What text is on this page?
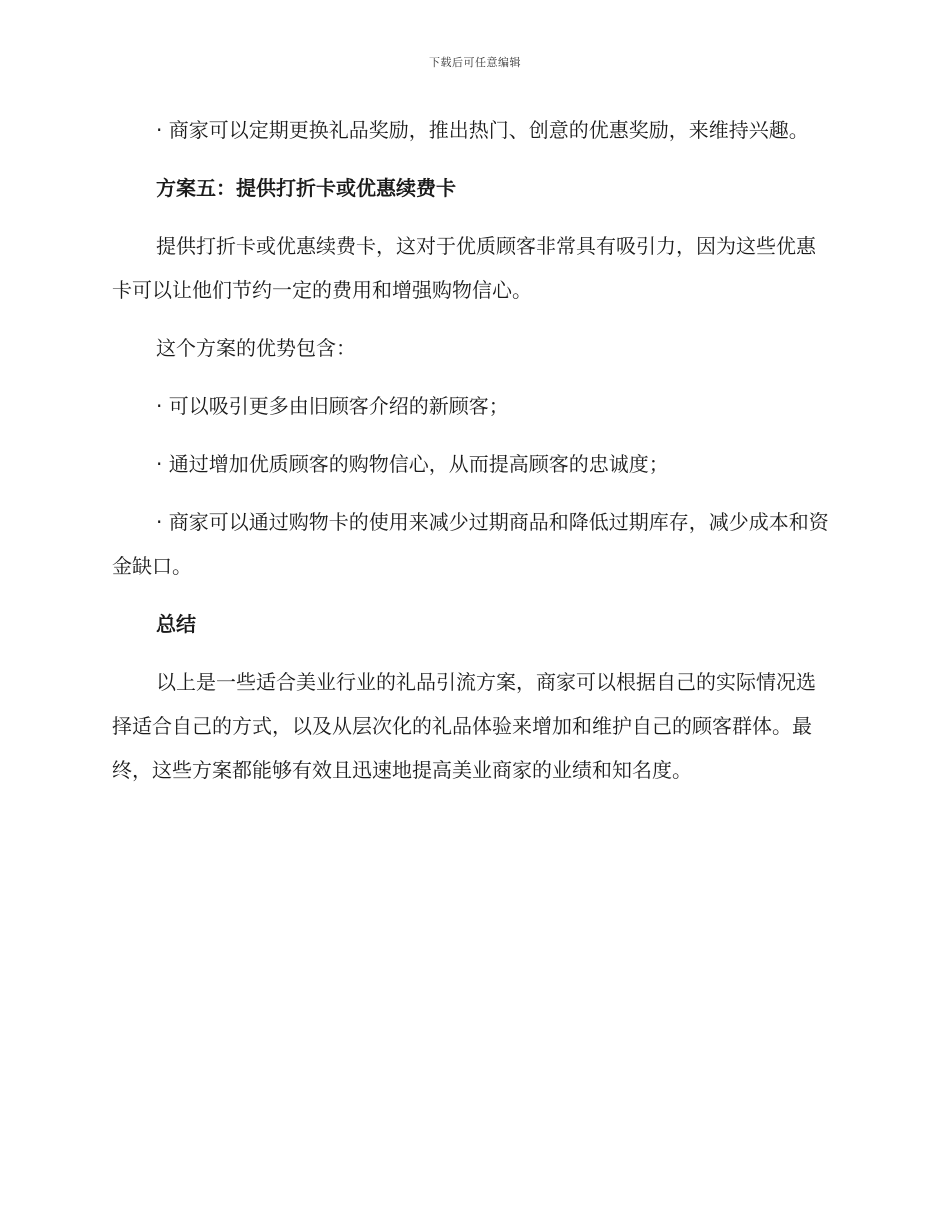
下载后可任意编辑

· 商家可以定期更换礼品奖励，推出热门、创意的优惠奖励，来维持兴趣。

方案五：提供打折卡或优惠续费卡

提供打折卡或优惠续费卡，这对于优质顾客非常具有吸引力，因为这些优惠卡可以让他们节约一定的费用和增强购物信心。

这个方案的优势包含：

· 可以吸引更多由旧顾客介绍的新顾客；

· 通过增加优质顾客的购物信心，从而提高顾客的忠诚度；

· 商家可以通过购物卡的使用来减少过期商品和降低过期库存，减少成本和资金缺口。

总结

以上是一些适合美业行业的礼品引流方案，商家可以根据自己的实际情况选择适合自己的方式，以及从层次化的礼品体验来增加和维护自己的顾客群体。最终，这些方案都能够有效且迅速地提高美业商家的业绩和知名度。
